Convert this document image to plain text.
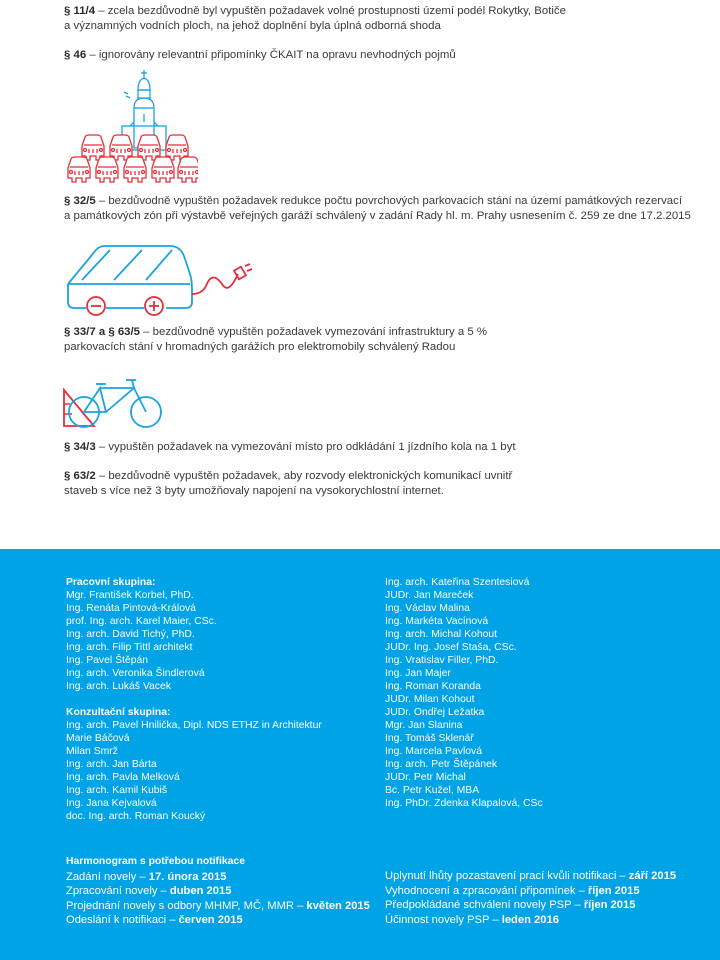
§ 11/4 – zcela bezdůvodně byl vypuštěn požadavek volné prostupnosti území podél Rokytky, Botiče
a významných vodních ploch, na jehož doplnění byla úplná odborná shoda
§ 46 – ignorovány relevantní připomínky ČKAIT na opravu nevhodných pojmů
§ 32/5 – bezdůvodně vypuštěn požadavek redukce počtu povrchových parkovacích stání na území památkových rezervací
a památkových zón při výstavbě veřejných garáží schválený v zadání Rady hl. m. Prahy usnesením č. 259 ze dne 17.2.2015
§ 33/7 a § 63/5 – bezdůvodně vypuštěn požadavek vymezování infrastruktury a 5 %
parkovacích stání v hromadných garážích pro elektromobily schválený Radou
§ 34/3 – vypuštěn požadavek na vymezování místo pro odkládání 1 jízdního kola na 1 byt
§ 63/2 – bezdůvodně vypuštěn požadavek, aby rozvody elektronických komunikací uvnitř
staveb s více než 3 byty umožňovaly napojení na vysokorychlostní internet.
Pracovní skupina:
Mgr. František Korbel, PhD.
Ing. Renáta Pintová-Králová
prof. Ing. arch. Karel Maier, CSc.
Ing. arch. David Tichý, PhD.
Ing. arch. Filip Tittl architekt
Ing. Pavel Štěpán
Ing. arch. Veronika Šindlerová
Ing. arch. Lukáš Vacek
Konzultační skupina:
Ing. arch. Pavel Hnilička, Dipl. NDS ETHZ in Architektur
Marie Báčová
Milan Smrž
Ing. arch. Jan Bárta
Ing. arch. Pavla Melková
Ing. arch. Kamil Kubiš
Ing. Jana Kejvalová
doc. Ing. arch. Roman Koucký
Ing. arch. Kateřina Szentesiová
JUDr. Jan Mareček
Ing. Václav Malina
Ing. Markéta Vacínová
Ing. arch. Michal Kohout
JUDr. Ing. Josef Staša, CSc.
Ing. Vratislav Filler, PhD.
Ing. Jan Majer
Ing. Roman Koranda
JUDr. Milan Kohout
JUDr. Ondřej Ležatka
Mgr. Jan Slanina
Ing. Tomáš Sklenář
Ing. Marcela Pavlová
Ing. arch. Petr Štěpánek
JUDr. Petr Michal
Bc. Petr Kužel, MBA
Ing. PhDr. Zdenka Klapalová, CSc
Harmonogram s potřebou notifikace
Zadání novely – 17. února 2015
Zpracování novely – duben 2015
Projednání novely s odbory MHMP, MČ, MMR – květen 2015
Odeslání k notifikaci – červen 2015
Uplynutí lhůty pozastavení prací kvůli notifikaci – září 2015
Vyhodnocení a zpracování připomínek – říjen 2015
Předpokládané schválení novely PSP – říjen 2015
Účinnost novely PSP – leden 2016
